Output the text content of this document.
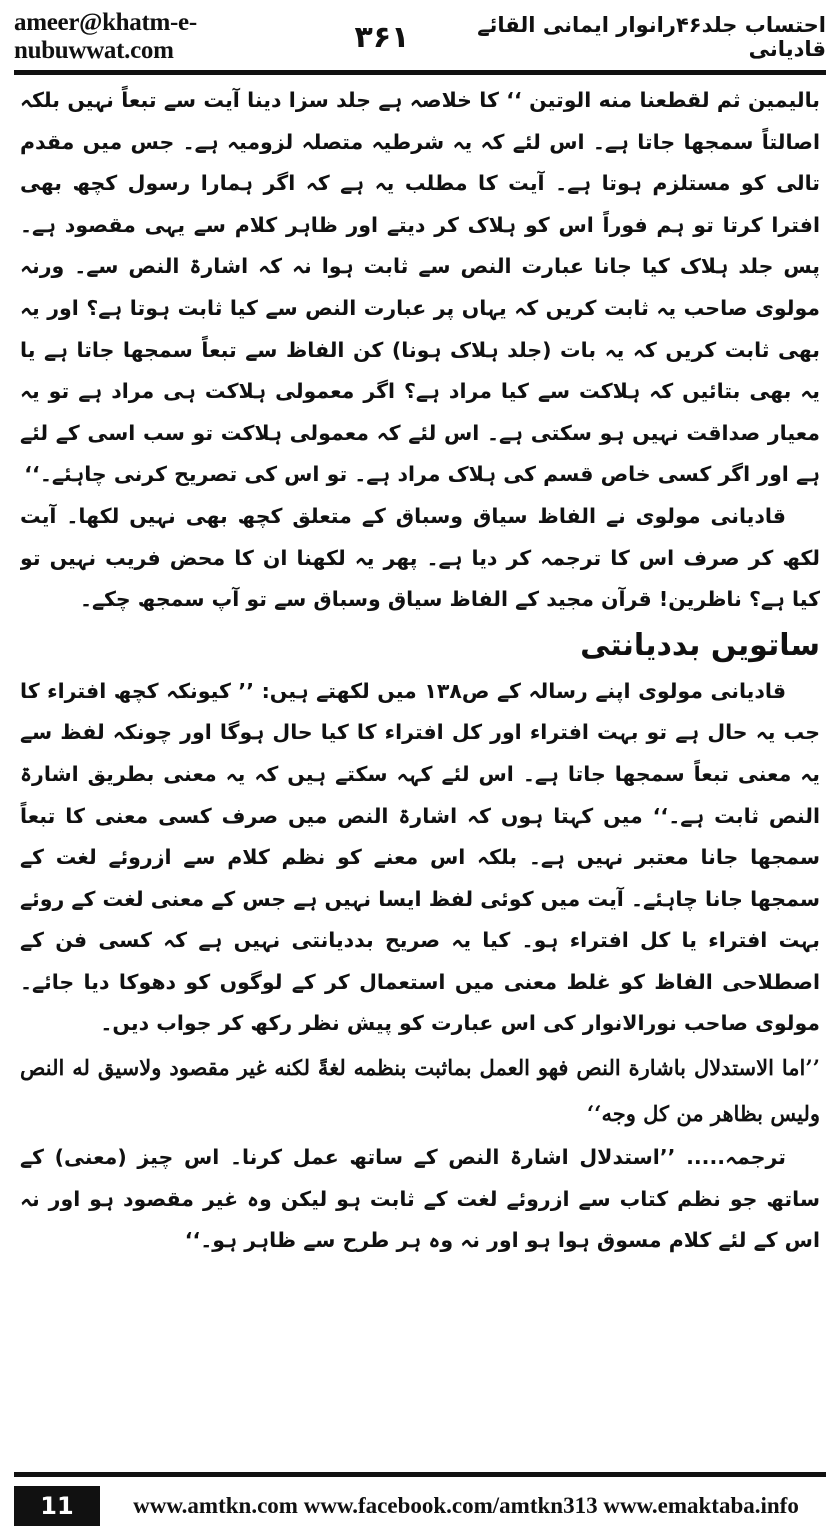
ameer@khatm-e-nubuwwat.com	۳۶۱	احتساب جلد۴۶رانوار ایمانی القائے قادیانی

بالیمین ثم لقطعنا منه الوتین ‘‘ کا خلاصہ ہے جلد سزا دینا آیت سے تبعاً نہیں بلکہ اصالتاً سمجھا جاتا ہے۔ اس لئے کہ یہ شرطیہ متصلہ لزومیہ ہے۔ جس میں مقدم تالی کو مستلزم ہوتا ہے۔ آیت کا مطلب یہ ہے کہ اگر ہمارا رسول کچھ بھی افترا کرتا تو ہم فوراً اس کو ہلاک کر دیتے اور ظاہر کلام سے یہی مقصود ہے۔ پس جلد ہلاک کیا جانا عبارت النص سے ثابت ہوا نہ کہ اشارۃ النص سے۔ ورنہ مولوی صاحب یہ ثابت کریں کہ یہاں پر عبارت النص سے کیا ثابت ہوتا ہے؟ اور یہ بھی ثابت کریں کہ یہ بات (جلد ہلاک ہونا) کن الفاظ سے تبعاً سمجھا جاتا ہے یا یہ بھی بتائیں کہ ہلاکت سے کیا مراد ہے؟ اگر معمولی ہلاکت ہی مراد ہے تو یہ معیار صداقت نہیں ہو سکتی ہے۔ اس لئے کہ معمولی ہلاکت تو سب اسی کے لئے ہے اور اگر کسی خاص قسم کی ہلاک مراد ہے۔ تو اس کی تصریح کرنی چاہئے۔‘‘

قادیانی مولوی نے الفاظ سیاق وسباق کے متعلق کچھ بھی نہیں لکھا۔ آیت لکھ کر صرف اس کا ترجمہ کر دیا ہے۔ پھر یہ لکھنا ان کا محض فریب نہیں تو کیا ہے؟ ناظرین! قرآن مجید کے الفاظ سیاق وسباق سے تو آپ سمجھ چکے۔

ساتویں بددیانتی

قادیانی مولوی اپنے رسالہ کے ص۱۳۸ میں لکھتے ہیں: ’’ کیونکہ کچھ افتراء کا جب یہ حال ہے تو بہت افتراء اور کل افتراء کا کیا حال ہوگا اور چونکہ لفظ سے یہ معنی تبعاً سمجھا جاتا ہے۔ اس لئے کہہ سکتے ہیں کہ یہ معنی بطریق اشارۃ النص ثابت ہے۔‘‘ میں کہتا ہوں کہ اشارۃ النص میں صرف کسی معنی کا تبعاً سمجھا جانا معتبر نہیں ہے۔ بلکہ اس معنے کو نظم کلام سے ازروئے لغت کے سمجھا جانا چاہئے۔ آیت میں کوئی لفظ ایسا نہیں ہے جس کے معنی لغت کے روئے بہت افتراء یا کل افتراء ہو۔ کیا یہ صریح بددیانتی نہیں ہے کہ کسی فن کے اصطلاحی الفاظ کو غلط معنی میں استعمال کر کے لوگوں کو دھوکا دیا جائے۔ مولوی صاحب نورالانوار کی اس عبارت کو پیش نظر رکھ کر جواب دیں۔

’’اما الاستدلال باشارة النص فهو العمل بماثبت بنظمه لغةً لكنه غير مقصود ولاسيق له النص وليس بظاهر من كل وجه‘‘

ترجمہ..... ’’استدلال اشارۃ النص کے ساتھ عمل کرنا۔ اس چیز (معنی) کے ساتھ جو نظم کتاب سے ازروئے لغت کے ثابت ہو لیکن وہ غیر مقصود ہو اور نہ اس کے لئے کلام مسوق ہوا ہو اور نہ وہ ہر طرح سے ظاہر ہو۔‘‘

11	www.amtkn.com www.facebook.com/amtkn313 www.emaktaba.info
